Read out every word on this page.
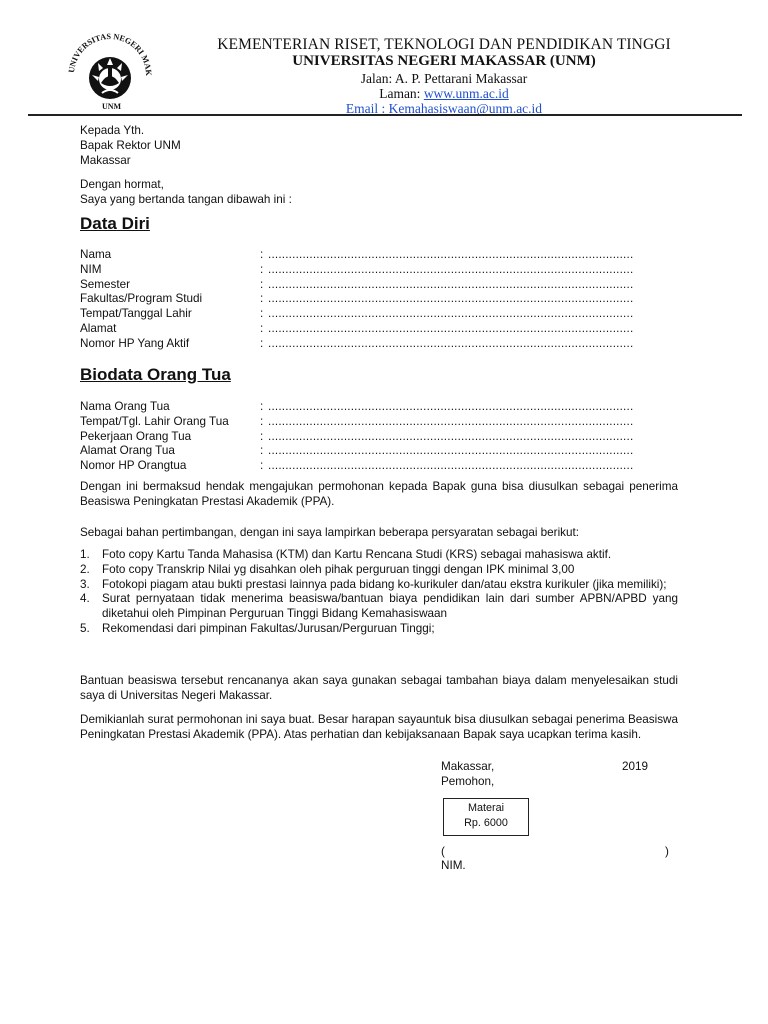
UNIVERSITAS NEGERI MAK
UNM
KEMENTERIAN RISET, TEKNOLOGI DAN PENDIDIKAN TINGGI
UNIVERSITAS NEGERI MAKASSAR (UNM)
Jalan: A. P. Pettarani Makassar
Laman: www.unm.ac.id
Email : Kemahasiswaan@unm.ac.id
Kepada Yth.
Bapak Rektor UNM
Makassar
Dengan hormat,
Saya yang bertanda tangan dibawah ini :
Data Diri
Nama	: ..........................................................................................................
NIM	: ..........................................................................................................
Semester	: ..........................................................................................................
Fakultas/Program Studi	: ..........................................................................................................
Tempat/Tanggal Lahir	: ..........................................................................................................
Alamat	: ..........................................................................................................
Nomor HP Yang Aktif	: ..........................................................................................................
Biodata Orang Tua
Nama Orang Tua	: ..........................................................................................................
Tempat/Tgl. Lahir Orang Tua	: ..........................................................................................................
Pekerjaan Orang Tua	: ..........................................................................................................
Alamat Orang Tua	: ..........................................................................................................
Nomor HP Orangtua	: ..........................................................................................................
Dengan ini bermaksud hendak mengajukan permohonan kepada Bapak guna bisa diusulkan sebagai penerima Beasiswa Peningkatan Prestasi Akademik (PPA).
Sebagai bahan pertimbangan, dengan ini saya lampirkan beberapa persyaratan sebagai berikut:
1. Foto copy Kartu Tanda Mahasisa (KTM) dan Kartu Rencana Studi (KRS) sebagai mahasiswa aktif.
2. Foto copy Transkrip Nilai yg disahkan oleh pihak perguruan tinggi dengan IPK minimal 3,00
3. Fotokopi piagam atau bukti prestasi lainnya pada bidang ko-kurikuler dan/atau ekstra kurikuler (jika memiliki);
4. Surat pernyataan tidak menerima beasiswa/bantuan biaya pendidikan lain dari sumber APBN/APBD yang diketahui oleh Pimpinan Perguruan Tinggi Bidang Kemahasiswaan
5. Rekomendasi dari pimpinan Fakultas/Jurusan/Perguruan Tinggi;
Bantuan beasiswa tersebut rencananya akan saya gunakan sebagai tambahan biaya dalam menyelesaikan studi saya di Universitas Negeri Makassar.
Demikianlah surat permohonan ini saya buat. Besar harapan sayauntuk bisa diusulkan sebagai penerima Beasiswa Peningkatan Prestasi Akademik (PPA). Atas perhatian dan kebijaksanaan Bapak saya ucapkan terima kasih.
Makassar,	2019
Pemohon,
Materai
Rp. 6000
(	)
NIM.
